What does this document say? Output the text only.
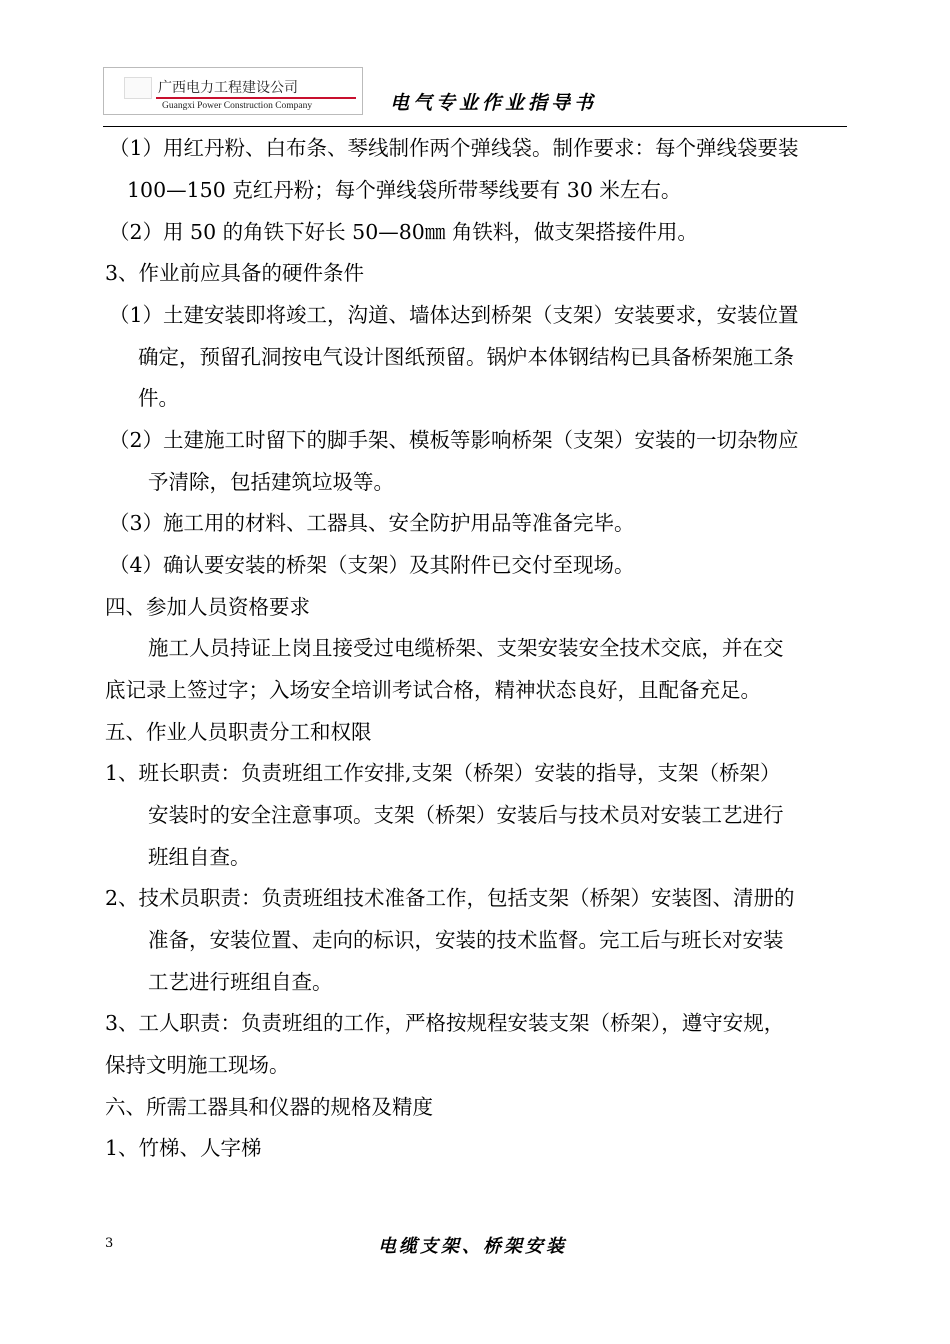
广西电力工程建设公司
Guangxi Power Construction Company	电气专业作业指导书
（1）用红丹粉、白布条、琴线制作两个弹线袋。制作要求：每个弹线袋要装
100—150 克红丹粉；每个弹线袋所带琴线要有 30 米左右。
（2）用 50 的角铁下好长 50—80㎜ 角铁料，做支架搭接件用。
3、作业前应具备的硬件条件
（1）土建安装即将竣工，沟道、墙体达到桥架（支架）安装要求，安装位置
确定，预留孔洞按电气设计图纸预留。锅炉本体钢结构已具备桥架施工条
件。
（2）土建施工时留下的脚手架、模板等影响桥架（支架）安装的一切杂物应
予清除，包括建筑垃圾等。
（3）施工用的材料、工器具、安全防护用品等准备完毕。
（4）确认要安装的桥架（支架）及其附件已交付至现场。
四、参加人员资格要求
施工人员持证上岗且接受过电缆桥架、支架安装安全技术交底，并在交
底记录上签过字；入场安全培训考试合格，精神状态良好，且配备充足。
五、作业人员职责分工和权限
1、班长职责：负责班组工作安排,支架（桥架）安装的指导，支架（桥架）
安装时的安全注意事项。支架（桥架）安装后与技术员对安装工艺进行
班组自查。
2、技术员职责：负责班组技术准备工作，包括支架（桥架）安装图、清册的
准备，安装位置、走向的标识，安装的技术监督。完工后与班长对安装
工艺进行班组自查。
3、工人职责：负责班组的工作，严格按规程安装支架（桥架），遵守安规，
保持文明施工现场。
六、所需工器具和仪器的规格及精度
1、竹梯、人字梯
3	电缆支架、桥架安装
